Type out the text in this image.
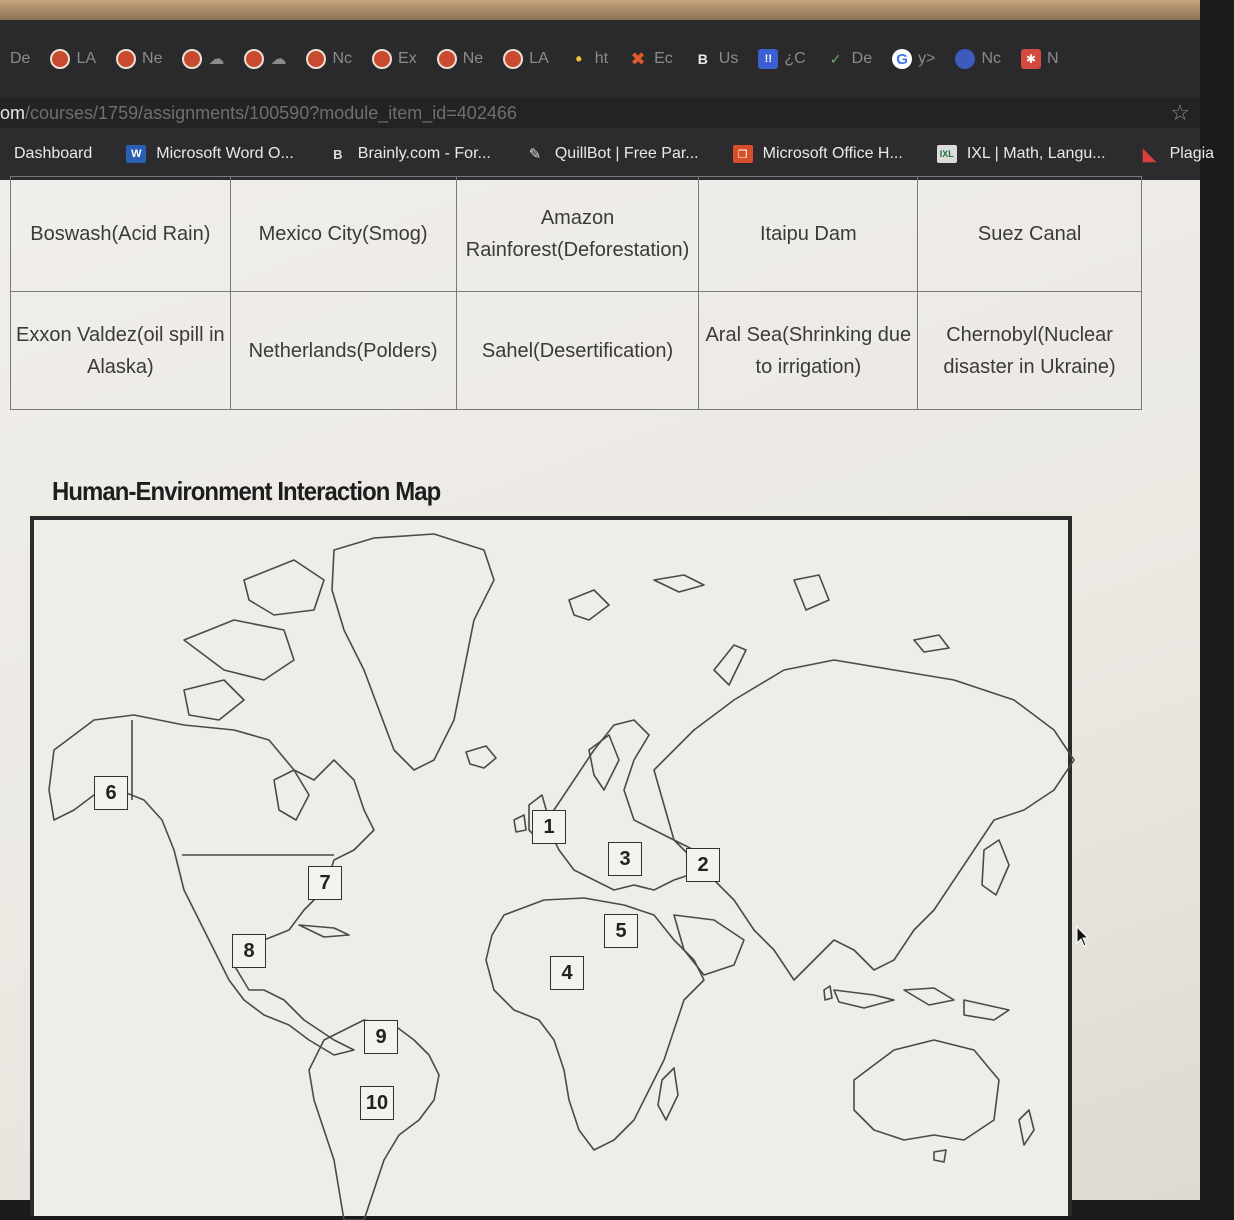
De	LA	Ne	☁	☁	Nc	Ex	Ne	LA	• ht ✖ Ec	B Us	!! ¿C ✓ De G y>	Nc	✱ N
om /courses/1759/assignments/100590?module_item_id=402466	☆
Dashboard	W Microsoft Word O...	B Brainly.com - For...	✎ QuillBot | Free Par...	❐ Microsoft Office H...	IXL IXL | Math, Langu... ◣ Plagia
Boswash(Acid Rain)	Mexico City(Smog)	Amazon Rainforest(Deforestation)	Itaipu Dam	Suez Canal
Exxon Valdez(oil spill in Alaska)	Netherlands(Polders)	Sahel(Desertification)	Aral Sea(Shrinking due to irrigation)	Chernobyl(Nuclear disaster in Ukraine)
Human-Environment Interaction Map
1
2
3
4
5
6
7
8
9
10
